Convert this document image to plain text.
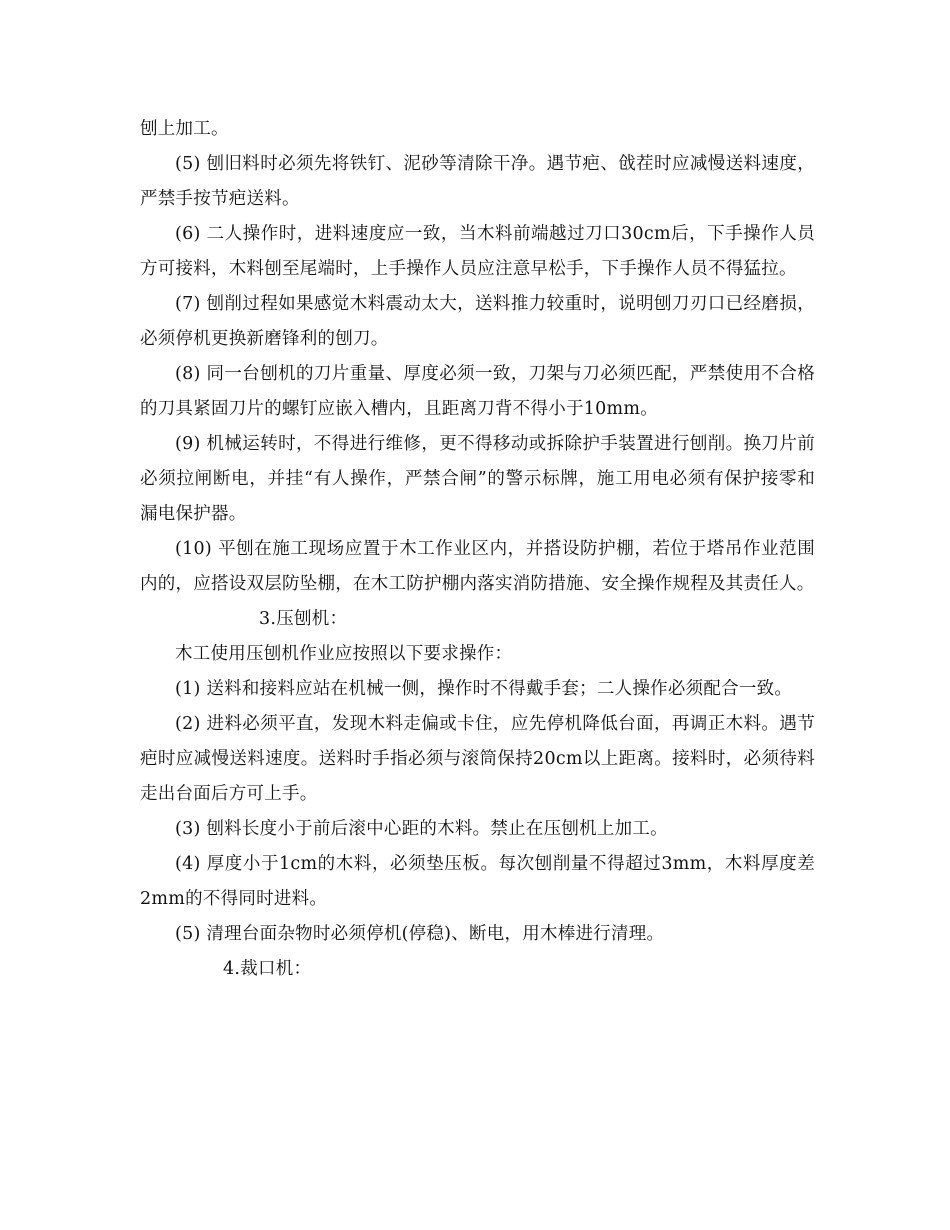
刨上加工。

(5) 刨旧料时必须先将铁钉、泥砂等清除干净。遇节疤、戗茬时应减慢送料速度，严禁手按节疤送料。

(6) 二人操作时，进料速度应一致，当木料前端越过刀口30cm后，下手操作人员方可接料，木料刨至尾端时，上手操作人员应注意早松手，下手操作人员不得猛拉。

(7) 刨削过程如果感觉木料震动太大，送料推力较重时，说明刨刀刃口已经磨损，必须停机更换新磨锋利的刨刀。

(8) 同一台刨机的刀片重量、厚度必须一致，刀架与刀必须匹配，严禁使用不合格的刀具紧固刀片的螺钉应嵌入槽内，且距离刀背不得小于10mm。

(9) 机械运转时，不得进行维修，更不得移动或拆除护手装置进行刨削。换刀片前必须拉闸断电，并挂“有人操作，严禁合闸”的警示标牌，施工用电必须有保护接零和漏电保护器。

(10) 平刨在施工现场应置于木工作业区内，并搭设防护棚，若位于塔吊作业范围内的，应搭设双层防坠棚，在木工防护棚内落实消防措施、安全操作规程及其责任人。

3.压刨机：

木工使用压刨机作业应按照以下要求操作：

(1) 送料和接料应站在机械一侧，操作时不得戴手套；二人操作必须配合一致。

(2) 进料必须平直，发现木料走偏或卡住，应先停机降低台面，再调正木料。遇节疤时应减慢送料速度。送料时手指必须与滚筒保持20cm以上距离。接料时，必须待料走出台面后方可上手。

(3) 刨料长度小于前后滚中心距的木料。禁止在压刨机上加工。

(4) 厚度小于1cm的木料，必须垫压板。每次刨削量不得超过3mm，木料厚度差2mm的不得同时进料。

(5) 清理台面杂物时必须停机(停稳)、断电，用木棒进行清理。

4.裁口机：
